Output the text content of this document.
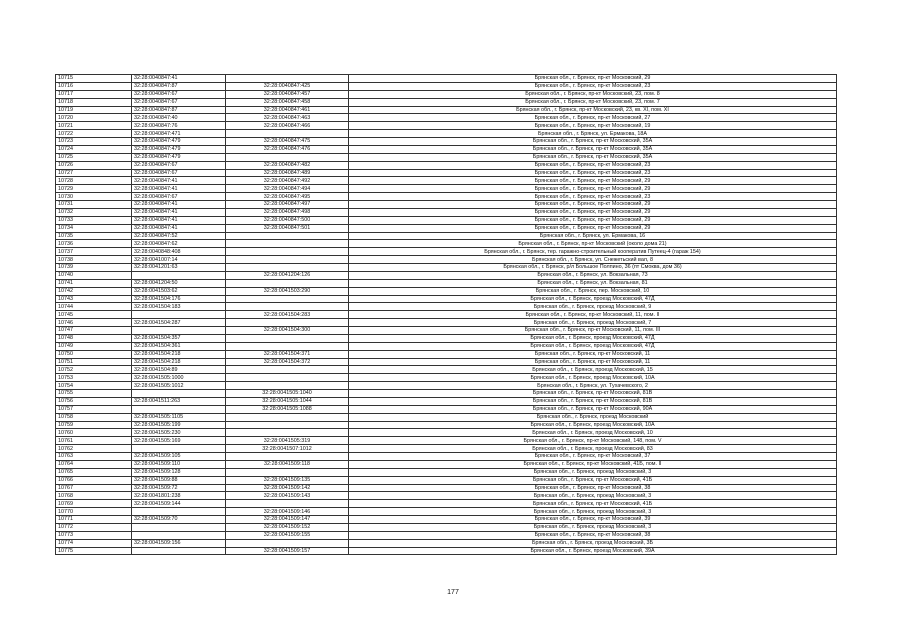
10715	32:28:0040847:41		Брянская обл., г. Брянск, пр-кт Московский, 29
10716	32:28:0040847:87	32:28:0040847:425	Брянская обл., г. Брянск, пр-кт Московский, 23
10717	32:28:0040847:67	32:28:0040847:457	Брянская обл., г. Брянск, пр-кт Московский, 23, пом. 8
10718	32:28:0040847:67	32:28:0040847:458	Брянская обл., г. Брянск, пр-кт Московский, 23, пом. 7
10719	32:28:0040847:87	32:28:0040847:461	Брянская обл., г. Брянск, пр-кт Московский, 23, кв. XI, пом. XI
10720	32:28:0040847:40	32:28:0040847:463	Брянская обл., г. Брянск, пр-кт Московский, 27
10721	32:28:0040847:76	32:28:0040847:466	Брянская обл., г. Брянск, пр-кт Московский, 19
10722	32:28:0040847:471		Брянская обл., г. Брянск, ул. Ермакова, 18А
10723	32:28:0040847:479	32:28:0040847:475	Брянская обл., г. Брянск, пр-кт Московский, 35А
10724	32:28:0040847:479	32:28:0040847:476	Брянская обл., г. Брянск, пр-кт Московский, 35А
10725	32:28:0040847:479		Брянская обл., г. Брянск, пр-кт Московский, 35А
10726	32:28:0040847:67	32:28:0040847:482	Брянская обл., г. Брянск, пр-кт Московский, 23
10727	32:28:0040847:67	32:28:0040847:489	Брянская обл., г. Брянск, пр-кт Московский, 23
10728	32:28:0040847:41	32:28:0040847:492	Брянская обл., г. Брянск, пр-кт Московский, 29
10729	32:28:0040847:41	32:28:0040847:494	Брянская обл., г. Брянск, пр-кт Московский, 29
10730	32:28:0040847:67	32:28:0040847:495	Брянская обл., г. Брянск, пр-кт Московский, 23
10731	32:28:0040847:41	32:28:0040847:497	Брянская обл., г. Брянск, пр-кт Московский, 29
10732	32:28:0040847:41	32:28:0040847:498	Брянская обл., г. Брянск, пр-кт Московский, 29
10733	32:28:0040847:41	32:28:0040847:500	Брянская обл., г. Брянск, пр-кт Московский, 29
10734	32:28:0040847:41	32:28:0040847:501	Брянская обл., г. Брянск, пр-кт Московский, 29
10735	32:28:0040847:52		Брянская обл., г. Брянск, ул. Ермакова, 16
10736	32:28:0040847:62		Брянская обл., г. Брянск, пр-кт Московский (около дома 21)
10737	32:28:0040848:408		Брянская обл., г. Брянск, тер. гаражно-строительный кооператив Путеец-4 (гараж 154)
10738	32:28:0041007:14		Брянская обл., г. Брянск, ул. Снежетьский вал, 8
10739	32:28:0041201:63		Брянская обл., г. Брянск, р/л Большое Полпино, 36 (пт Смоква, дом 36)
10740		32:28:0041204:126	Брянская обл., г. Брянск, ул. Вокзальная, 73
10741	32:28:0041204:50		Брянская обл., г. Брянск, ул. Вокзальная, 81
10742	32:28:0041503:62	32:28:0041503:290	Брянская обл., г. Брянск, пер. Московский, 10
10743	32:28:0041504:176		Брянская обл., г. Брянск, проезд Московский, 47Д
10744	32:28:0041504:183		Брянская обл., г. Брянск, проезд Московский, 9
10745		32:28:0041504:283	Брянская обл., г. Брянск, пр-кт Московский, 11, пом. II
10746	32:28:0041504:287		Брянская обл., г. Брянск, проезд Московский, 7
10747		32:28:0041504:300	Брянская обл., г. Брянск, пр-кт Московский, 11, пом. III
10748	32:28:0041504:357		Брянская обл., г. Брянск, проезд Московский, 47Д
10749	32:28:0041504:361		Брянская обл., г. Брянск, проезд Московский, 47Д
10750	32:28:0041504:218	32:28:0041504:371	Брянская обл., г. Брянск, пр-кт Московский, 11
10751	32:28:0041504:218	32:28:0041504:372	Брянская обл., г. Брянск, пр-кт Московский, 11
10752	32:28:0041504:89		Брянская обл., г. Брянск, проезд Московский, 15
10753	32:28:0041505:1000		Брянская обл., г. Брянск, проезд Московский, 10А
10754	32:28:0041505:1012		Брянская обл., г. Брянск, ул. Тухачевского, 2
10755		32:28:0041505:1040	Брянская обл., г. Брянск, пр-кт Московский, 81В
10756	32:28:0041511:263	32:28:0041505:1044	Брянская обл., г. Брянск, пр-кт Московский, 81В
10757		32:28:0041505:1088	Брянская обл., г. Брянск, пр-кт Московский, 90А
10758	32:28:0041505:1105		Брянская обл., г. Брянск, проезд Московский
10759	32:28:0041505:199		Брянская обл., г. Брянск, проезд Московский, 10А
10760	32:28:0041505:230		Брянская обл., г. Брянск, проезд Московский, 10
10761	32:28:0041505:169	32:28:0041505:319	Брянская обл., г. Брянск, пр-кт Московский, 148, пом. V
10762		32:28:0041507:1012	Брянская обл., г. Брянск, проезд Московский, 83
10763	32:28:0041509:105		Брянская обл., г. Брянск, пр-кт Московский, 37
10764	32:28:0041509:110	32:28:0041509:118	Брянская обл., г. Брянск, пр-кт Московский, 41Б, пом. II
10765	32:28:0041509:128		Брянская обл., г. Брянск, проезд Московский, 3
10766	32:28:0041509:88	32:28:0041509:135	Брянская обл., г. Брянск, пр-кт Московский, 41Б
10767	32:28:0041509:72	32:28:0041509:142	Брянская обл., г. Брянск, пр-кт Московский, 38
10768	32:28:0041801:238	32:28:0041509:143	Брянская обл., г. Брянск, проезд Московский, 3
10769	32:28:0041509:144		Брянская обл., г. Брянск, пр-кт Московский, 41Б
10770		32:28:0041509:146	Брянская обл., г. Брянск, проезд Московский, 3
10771	32:28:0041509:70	32:28:0041509:147	Брянская обл., г. Брянск, пр-кт Московский, 39
10772		32:28:0041509:152	Брянская обл., г. Брянск, проезд Московский, 3
10773		32:28:0041509:155	Брянская обл., г. Брянск, пр-кт Московский, 38
10774	32:28:0041509:156		Брянская обл., г. Брянск, проезд Московский, 3Б
10775		32:28:0041509:157	Брянская обл., г. Брянск, проезд Московский, 39А
177
